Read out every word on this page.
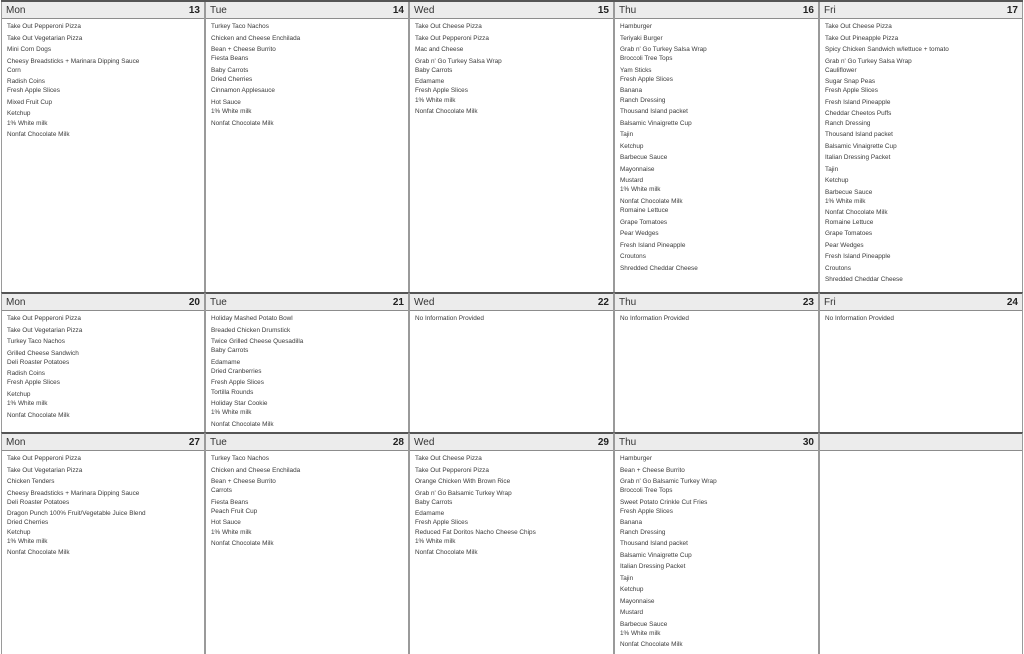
Mon	13
Take Out Pepperoni Pizza
Take Out Vegetarian Pizza
Mini Corn Dogs
Cheesy Breadsticks + Marinara Dipping Sauce
Corn
Radish Coins
Fresh Apple Slices
Mixed Fruit Cup
Ketchup
1% White milk
Nonfat Chocolate Milk
Tue	14
Turkey Taco Nachos
Chicken and Cheese Enchilada
Bean + Cheese Burrito
Fiesta Beans
Baby Carrots
Dried Cherries
Cinnamon Applesauce
Hot Sauce
1% White milk
Nonfat Chocolate Milk
Wed	15
Take Out Cheese Pizza
Take Out Pepperoni Pizza
Mac and Cheese
Grab n' Go Turkey Salsa Wrap
Baby Carrots
Edamame
Fresh Apple Slices
1% White milk
Nonfat Chocolate Milk
Thu	16
Hamburger
Teriyaki Burger
Grab n' Go Turkey Salsa Wrap
Broccoli Tree Tops
Yam Sticks
Fresh Apple Slices
Banana
Ranch Dressing
Thousand Island packet
Balsamic Vinaigrette Cup
Tajin
Ketchup
Barbecue Sauce
Mayonnaise
Mustard
1% White milk
Nonfat Chocolate Milk
Romaine Lettuce
Grape Tomatoes
Pear Wedges
Fresh Island Pineapple
Croutons
Shredded Cheddar Cheese
Fri	17
Take Out Cheese Pizza
Take Out Pineapple Pizza
Spicy Chicken Sandwich w/lettuce + tomato
Grab n' Go Turkey Salsa Wrap
Cauliflower
Sugar Snap Peas
Fresh Apple Slices
Fresh Island Pineapple
Cheddar Cheetos Puffs
Ranch Dressing
Thousand Island packet
Balsamic Vinaigrette Cup
Italian Dressing Packet
Tajin
Ketchup
Barbecue Sauce
1% White milk
Nonfat Chocolate Milk
Romaine Lettuce
Grape Tomatoes
Pear Wedges
Fresh Island Pineapple
Croutons
Shredded Cheddar Cheese
Mon	20
Take Out Pepperoni Pizza
Take Out Vegetarian Pizza
Turkey Taco Nachos
Grilled Cheese Sandwich
Deli Roaster Potatoes
Radish Coins
Fresh Apple Slices
Ketchup
1% White milk
Nonfat Chocolate Milk
Tue	21
Holiday Mashed Potato Bowl
Breaded Chicken Drumstick
Twice Grilled Cheese Quesadilla
Baby Carrots
Edamame
Dried Cranberries
Fresh Apple Slices
Tortilla Rounds
Holiday Star Cookie
1% White milk
Nonfat Chocolate Milk
Wed	22
No Information Provided
Thu	23
No Information Provided
Fri	24
No Information Provided
Mon	27
Take Out Pepperoni Pizza
Take Out Vegetarian Pizza
Chicken Tenders
Cheesy Breadsticks + Marinara Dipping Sauce
Deli Roaster Potatoes
Dragon Punch 100% Fruit/Vegetable Juice Blend
Dried Cherries
Ketchup
1% White milk
Nonfat Chocolate Milk
Tue	28
Turkey Taco Nachos
Chicken and Cheese Enchilada
Bean + Cheese Burrito
Carrots
Fiesta Beans
Peach Fruit Cup
Hot Sauce
1% White milk
Nonfat Chocolate Milk
Wed	29
Take Out Cheese Pizza
Take Out Pepperoni Pizza
Orange Chicken With Brown Rice
Grab n' Go Balsamic Turkey Wrap
Baby Carrots
Edamame
Fresh Apple Slices
Reduced Fat Doritos Nacho Cheese Chips
1% White milk
Nonfat Chocolate Milk
Thu	30
Hamburger
Bean + Cheese Burrito
Grab n' Go Balsamic Turkey Wrap
Broccoli Tree Tops
Sweet Potato Crinkle Cut Fries
Fresh Apple Slices
Banana
Ranch Dressing
Thousand Island packet
Balsamic Vinaigrette Cup
Italian Dressing Packet
Tajin
Ketchup
Mayonnaise
Mustard
Barbecue Sauce
1% White milk
Nonfat Chocolate Milk
